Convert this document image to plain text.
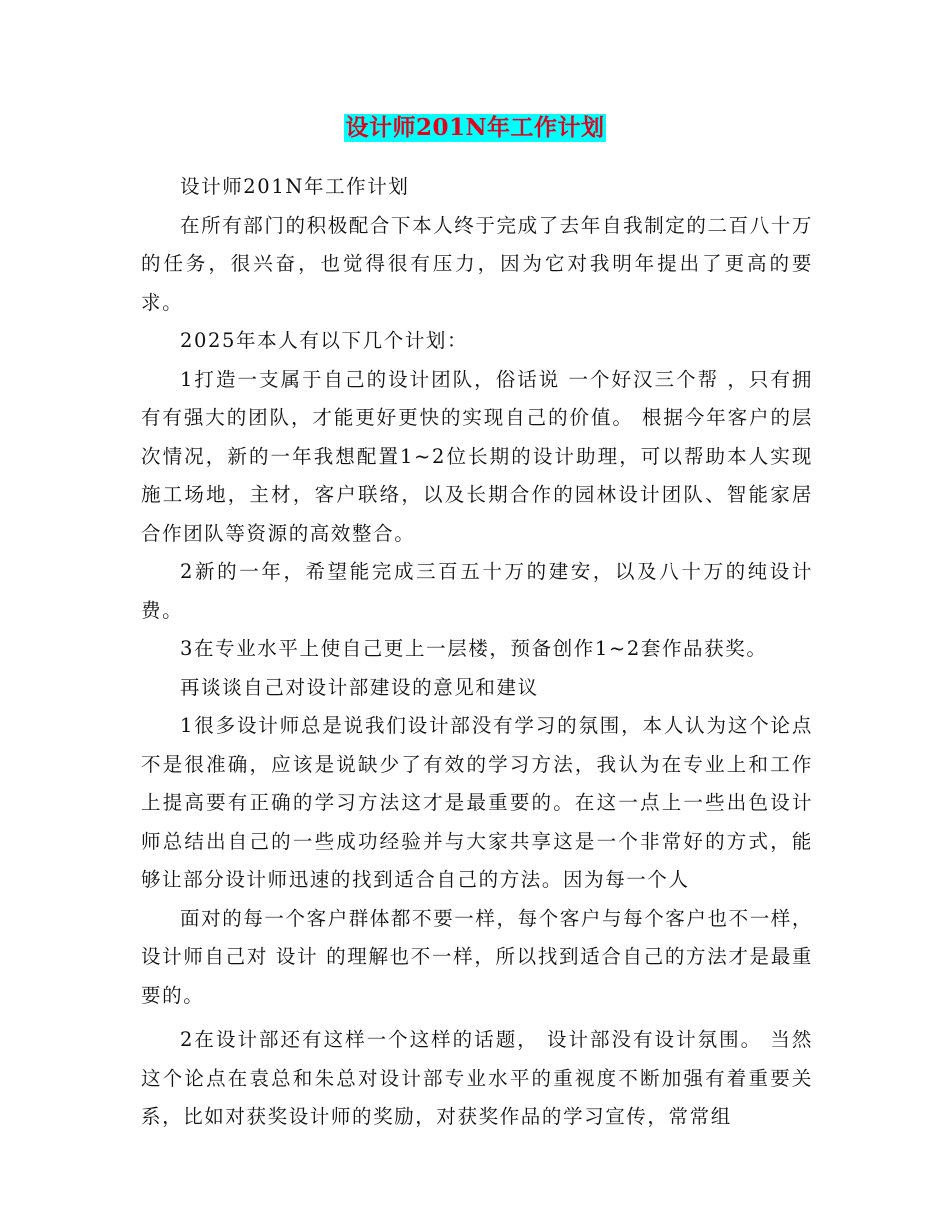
设计师201N年工作计划

设计师201N年工作计划

在所有部门的积极配合下本人终于完成了去年自我制定的二百八十万的任务，很兴奋，也觉得很有压力，因为它对我明年提出了更高的要求。

2025年本人有以下几个计划：

1打造一支属于自己的设计团队，俗话说 一个好汉三个帮 ，只有拥有有强大的团队，才能更好更快的实现自己的价值。 根据今年客户的层次情况，新的一年我想配置1~2位长期的设计助理，可以帮助本人实现施工场地，主材，客户联络，以及长期合作的园林设计团队、智能家居合作团队等资源的高效整合。

2新的一年，希望能完成三百五十万的建安，以及八十万的纯设计费。

3在专业水平上使自己更上一层楼，预备创作1~2套作品获奖。

再谈谈自己对设计部建设的意见和建议

1很多设计师总是说我们设计部没有学习的氛围，本人认为这个论点不是很准确，应该是说缺少了有效的学习方法，我认为在专业上和工作上提高要有正确的学习方法这才是最重要的。在这一点上一些出色设计师总结出自己的一些成功经验并与大家共享这是一个非常好的方式，能够让部分设计师迅速的找到适合自己的方法。因为每一个人

面对的每一个客户群体都不要一样，每个客户与每个客户也不一样，设计师自己对 设计 的理解也不一样，所以找到适合自己的方法才是最重要的。

2在设计部还有这样一个这样的话题， 设计部没有设计氛围。 当然这个论点在袁总和朱总对设计部专业水平的重视度不断加强有着重要关系，比如对获奖设计师的奖励，对获奖作品的学习宣传，常常组
